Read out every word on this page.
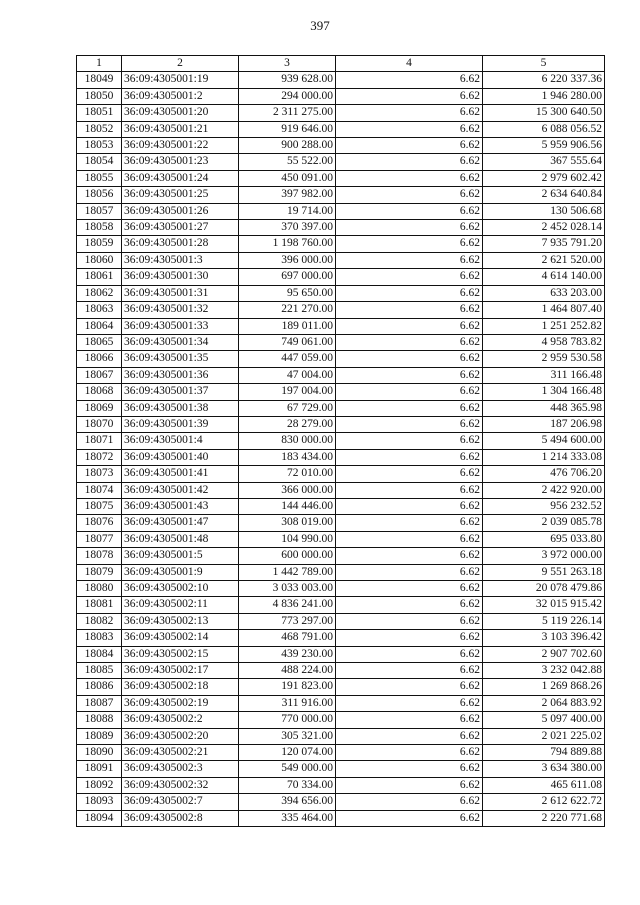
397
1	2	3	4	5
18049	36:09:4305001:19	939 628.00	6.62	6 220 337.36
18050	36:09:4305001:2	294 000.00	6.62	1 946 280.00
18051	36:09:4305001:20	2 311 275.00	6.62	15 300 640.50
18052	36:09:4305001:21	919 646.00	6.62	6 088 056.52
18053	36:09:4305001:22	900 288.00	6.62	5 959 906.56
18054	36:09:4305001:23	55 522.00	6.62	367 555.64
18055	36:09:4305001:24	450 091.00	6.62	2 979 602.42
18056	36:09:4305001:25	397 982.00	6.62	2 634 640.84
18057	36:09:4305001:26	19 714.00	6.62	130 506.68
18058	36:09:4305001:27	370 397.00	6.62	2 452 028.14
18059	36:09:4305001:28	1 198 760.00	6.62	7 935 791.20
18060	36:09:4305001:3	396 000.00	6.62	2 621 520.00
18061	36:09:4305001:30	697 000.00	6.62	4 614 140.00
18062	36:09:4305001:31	95 650.00	6.62	633 203.00
18063	36:09:4305001:32	221 270.00	6.62	1 464 807.40
18064	36:09:4305001:33	189 011.00	6.62	1 251 252.82
18065	36:09:4305001:34	749 061.00	6.62	4 958 783.82
18066	36:09:4305001:35	447 059.00	6.62	2 959 530.58
18067	36:09:4305001:36	47 004.00	6.62	311 166.48
18068	36:09:4305001:37	197 004.00	6.62	1 304 166.48
18069	36:09:4305001:38	67 729.00	6.62	448 365.98
18070	36:09:4305001:39	28 279.00	6.62	187 206.98
18071	36:09:4305001:4	830 000.00	6.62	5 494 600.00
18072	36:09:4305001:40	183 434.00	6.62	1 214 333.08
18073	36:09:4305001:41	72 010.00	6.62	476 706.20
18074	36:09:4305001:42	366 000.00	6.62	2 422 920.00
18075	36:09:4305001:43	144 446.00	6.62	956 232.52
18076	36:09:4305001:47	308 019.00	6.62	2 039 085.78
18077	36:09:4305001:48	104 990.00	6.62	695 033.80
18078	36:09:4305001:5	600 000.00	6.62	3 972 000.00
18079	36:09:4305001:9	1 442 789.00	6.62	9 551 263.18
18080	36:09:4305002:10	3 033 003.00	6.62	20 078 479.86
18081	36:09:4305002:11	4 836 241.00	6.62	32 015 915.42
18082	36:09:4305002:13	773 297.00	6.62	5 119 226.14
18083	36:09:4305002:14	468 791.00	6.62	3 103 396.42
18084	36:09:4305002:15	439 230.00	6.62	2 907 702.60
18085	36:09:4305002:17	488 224.00	6.62	3 232 042.88
18086	36:09:4305002:18	191 823.00	6.62	1 269 868.26
18087	36:09:4305002:19	311 916.00	6.62	2 064 883.92
18088	36:09:4305002:2	770 000.00	6.62	5 097 400.00
18089	36:09:4305002:20	305 321.00	6.62	2 021 225.02
18090	36:09:4305002:21	120 074.00	6.62	794 889.88
18091	36:09:4305002:3	549 000.00	6.62	3 634 380.00
18092	36:09:4305002:32	70 334.00	6.62	465 611.08
18093	36:09:4305002:7	394 656.00	6.62	2 612 622.72
18094	36:09:4305002:8	335 464.00	6.62	2 220 771.68
